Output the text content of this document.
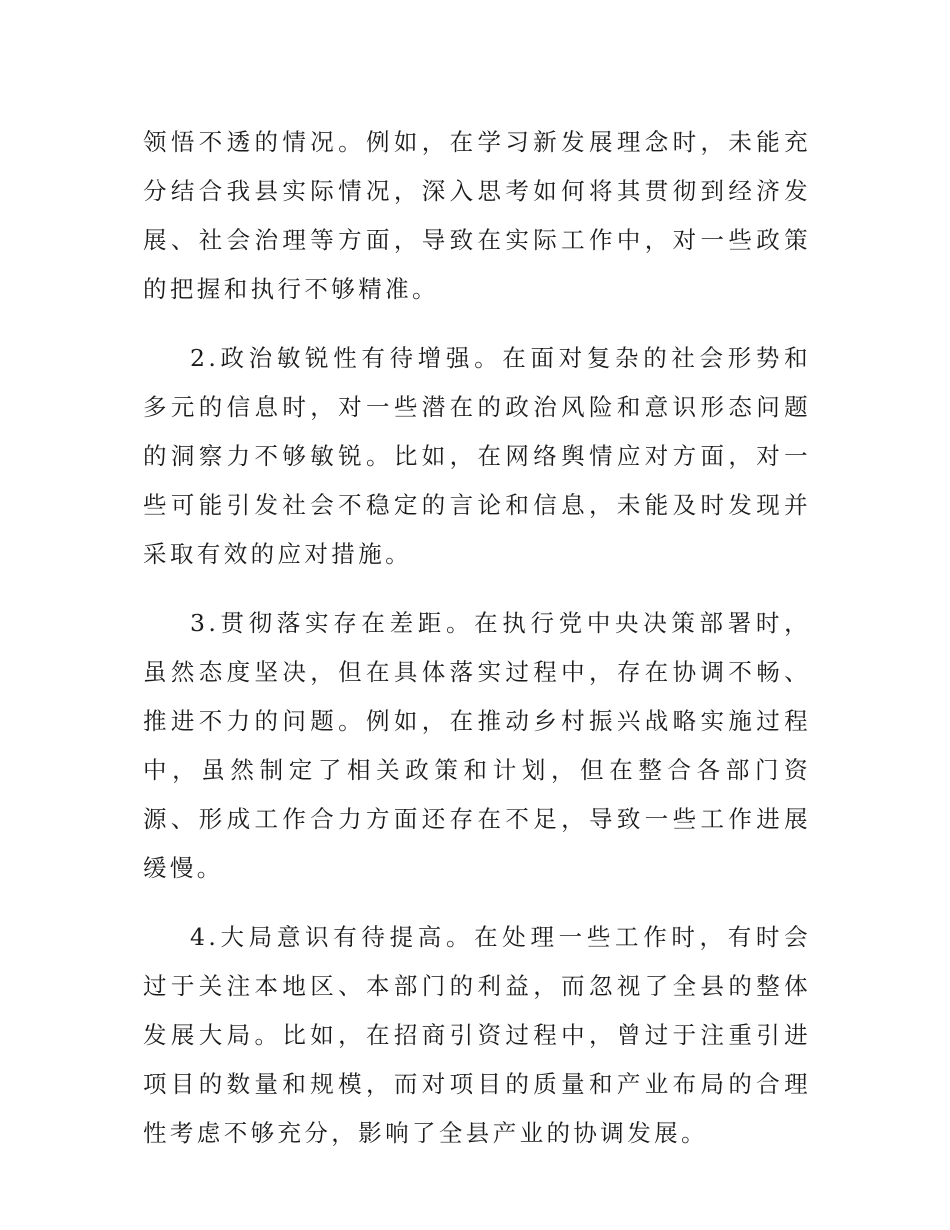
领悟不透的情况。例如，在学习新发展理念时，未能充分结合我县实际情况，深入思考如何将其贯彻到经济发展、社会治理等方面，导致在实际工作中，对一些政策的把握和执行不够精准。

2.政治敏锐性有待增强。在面对复杂的社会形势和多元的信息时，对一些潜在的政治风险和意识形态问题的洞察力不够敏锐。比如，在网络舆情应对方面，对一些可能引发社会不稳定的言论和信息，未能及时发现并采取有效的应对措施。

3.贯彻落实存在差距。在执行党中央决策部署时，虽然态度坚决，但在具体落实过程中，存在协调不畅、推进不力的问题。例如，在推动乡村振兴战略实施过程中，虽然制定了相关政策和计划，但在整合各部门资源、形成工作合力方面还存在不足，导致一些工作进展缓慢。

4.大局意识有待提高。在处理一些工作时，有时会过于关注本地区、本部门的利益，而忽视了全县的整体发展大局。比如，在招商引资过程中，曾过于注重引进项目的数量和规模，而对项目的质量和产业布局的合理性考虑不够充分，影响了全县产业的协调发展。
